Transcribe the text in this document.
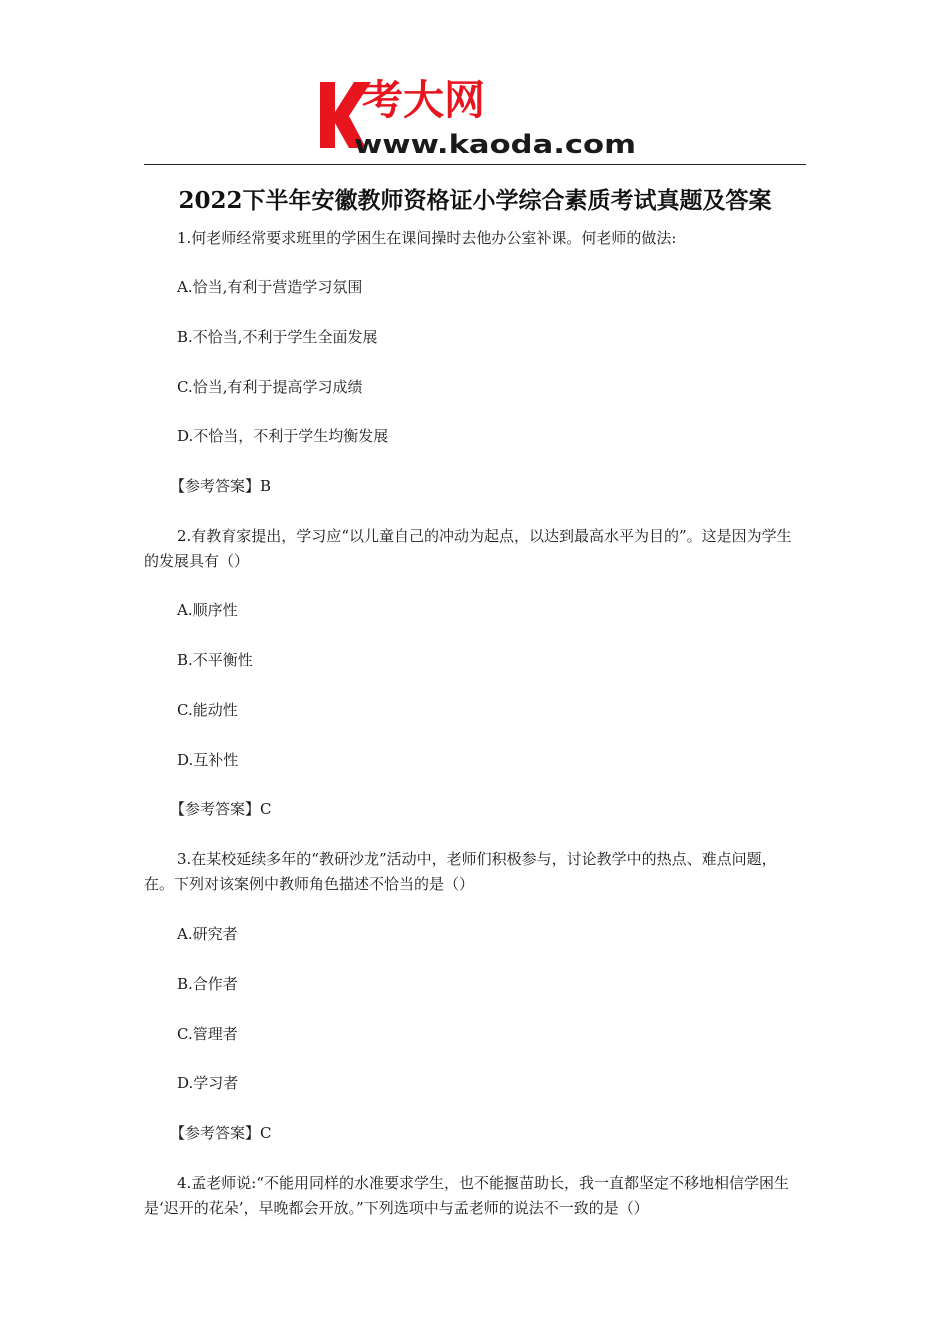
考大网
www.kaoda.com
2022下半年安徽教师资格证小学综合素质考试真题及答案
1.何老师经常要求班里的学困生在课间操时去他办公室补课。何老师的做法:
A.恰当,有利于营造学习氛围
B.不恰当,不利于学生全面发展
C.恰当,有利于提高学习成绩
D.不恰当，不利于学生均衡发展
【参考答案】B
2.有教育家提出，学习应“以儿童自己的冲动为起点，以达到最高水平为目的”。这是因为学生的发展具有（）
A.顺序性
B.不平衡性
C.能动性
D.互补性
【参考答案】C
3.在某校延续多年的“教研沙龙”活动中，老师们积极参与，讨论教学中的热点、难点问题，在。下列对该案例中教师角色描述不恰当的是（）
A.研究者
B.合作者
C.管理者
D.学习者
【参考答案】C
4.孟老师说:“不能用同样的水准要求学生，也不能揠苗助长，我一直都坚定不移地相信学困生是‘迟开的花朵’，早晚都会开放。”下列选项中与孟老师的说法不一致的是（）
